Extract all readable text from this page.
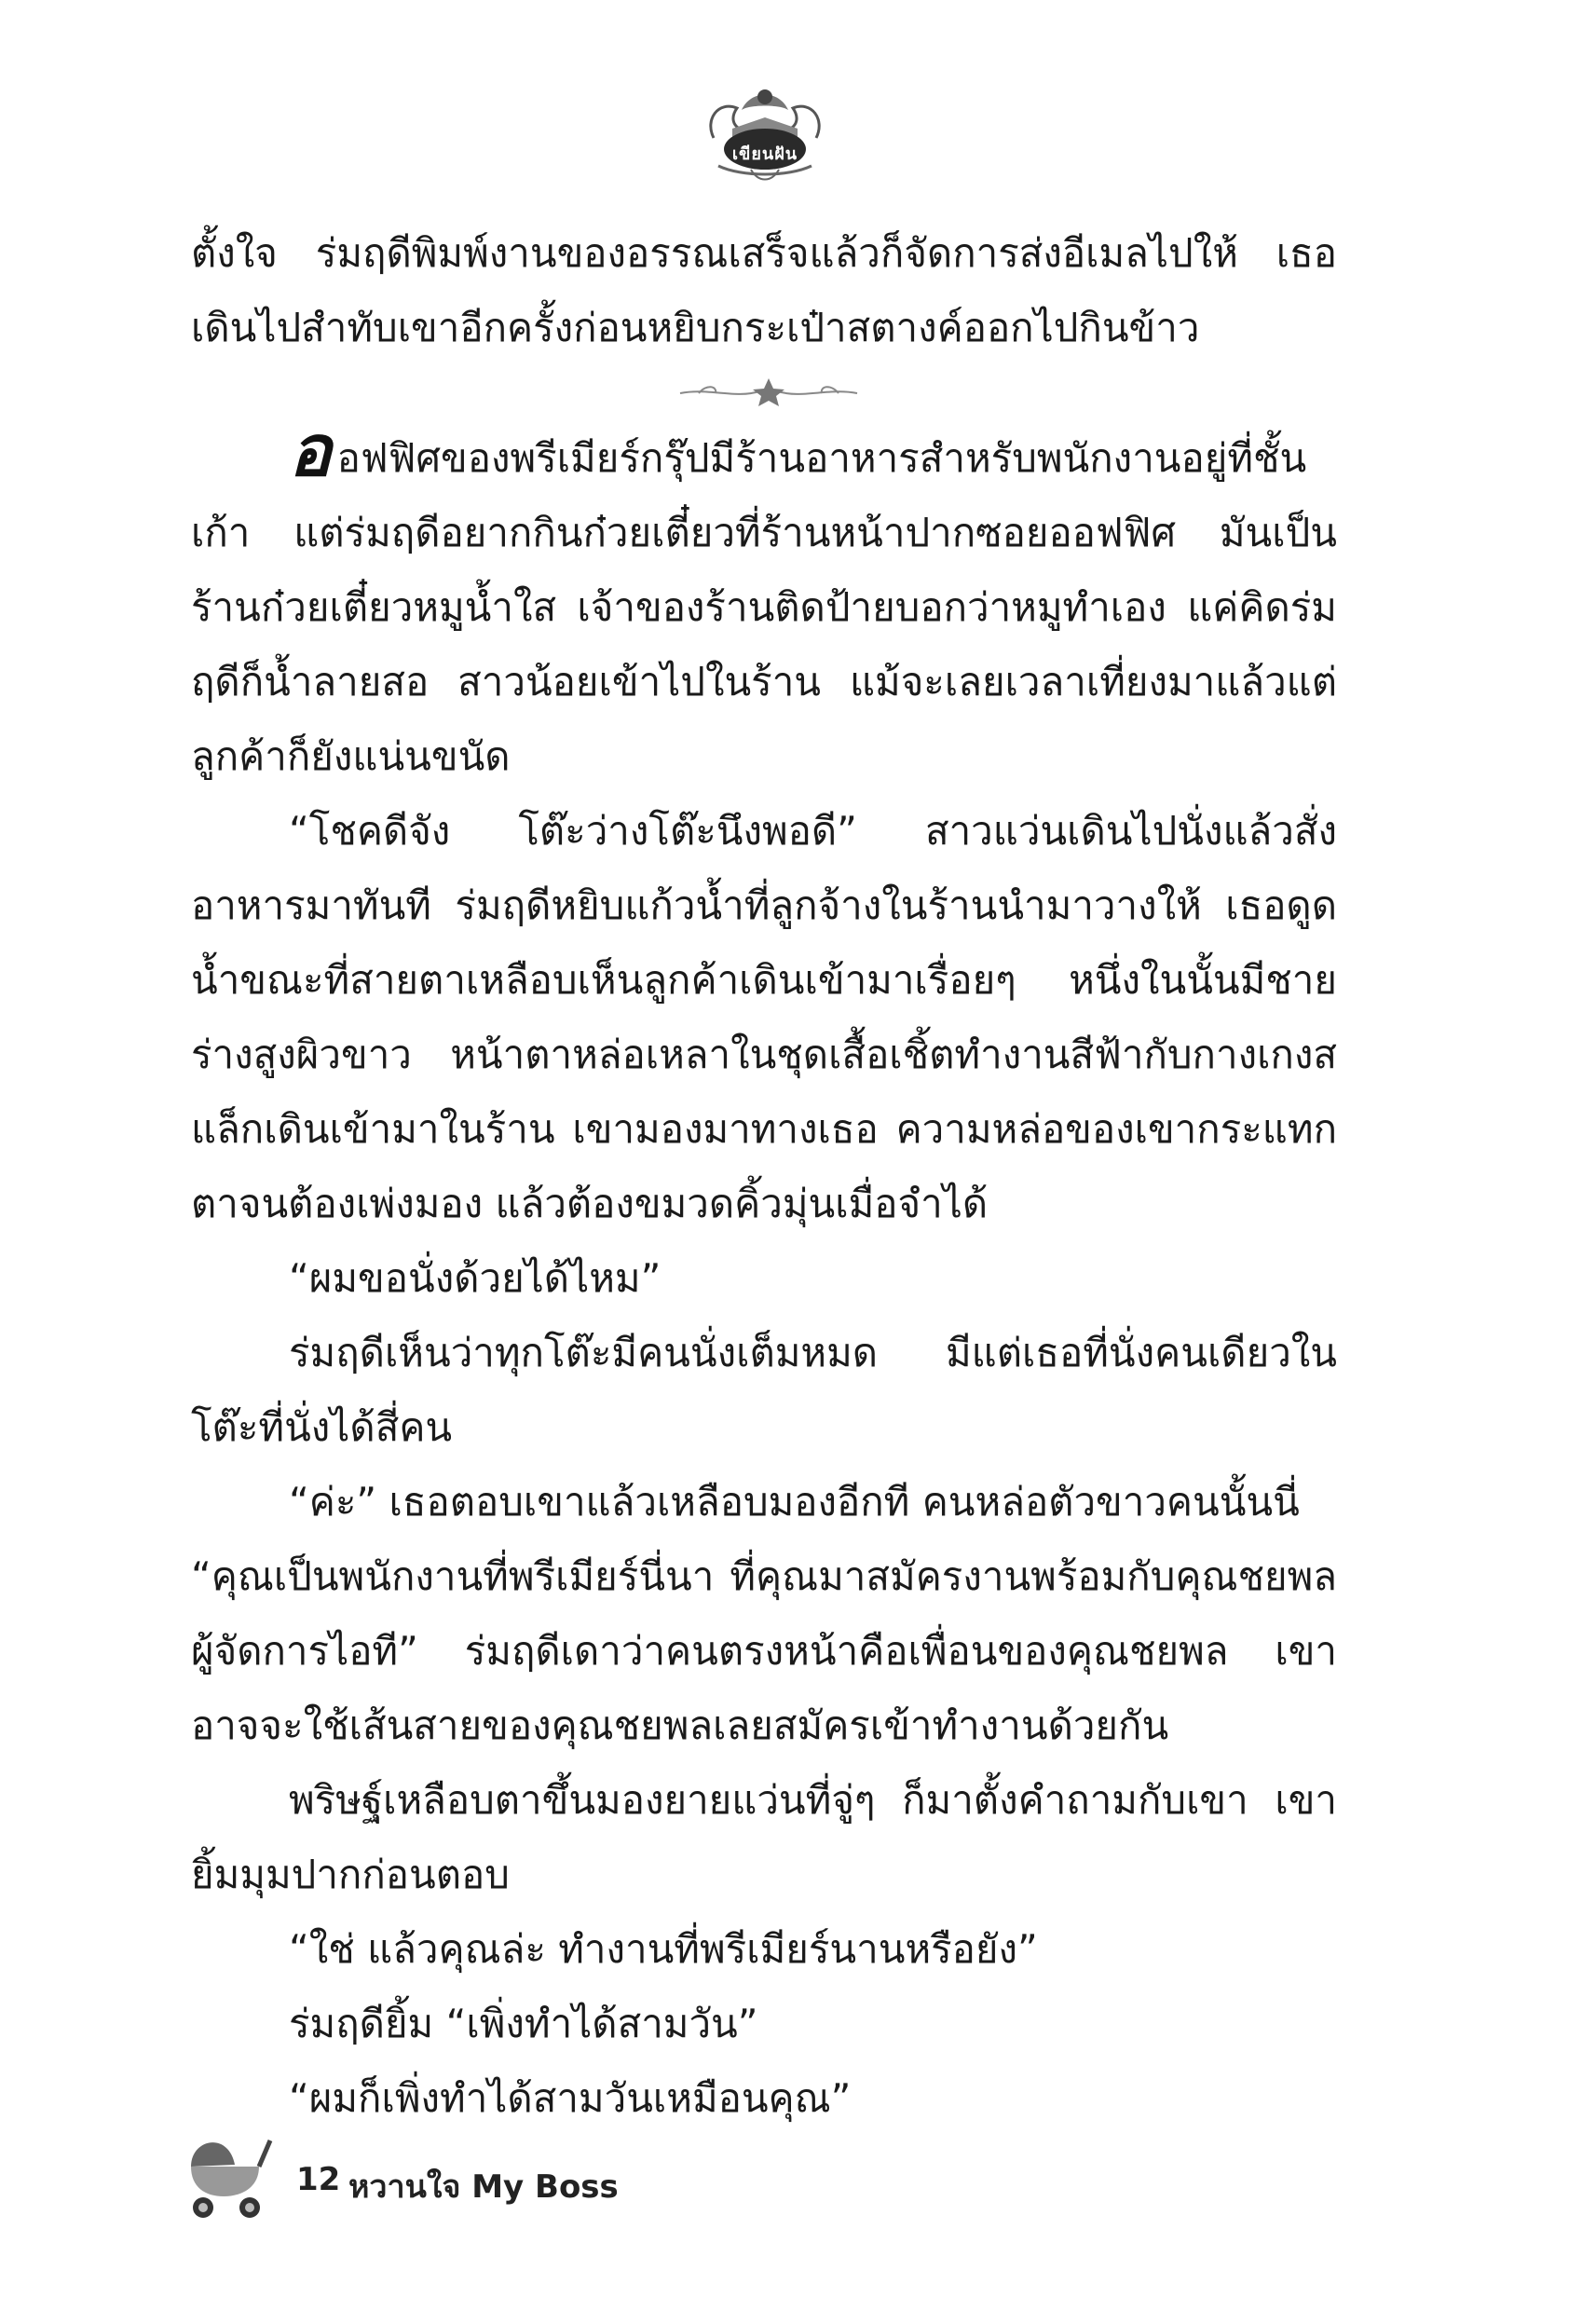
เขียนฝัน

ตั้งใจ ร่มฤดีพิมพ์งานของอรรณเสร็จแล้วก็จัดการส่งอีเมลไปให้ เธอเดินไปสำทับเขาอีกครั้งก่อนหยิบกระเป๋าสตางค์ออกไปกินข้าว

ออฟฟิศของพรีเมียร์กรุ๊ปมีร้านอาหารสำหรับพนักงานอยู่ที่ชั้นเก้า แต่ร่มฤดีอยากกินก๋วยเตี๋ยวที่ร้านหน้าปากซอยออฟฟิศ มันเป็นร้านก๋วยเตี๋ยวหมูน้ำใส เจ้าของร้านติดป้ายบอกว่าหมูทำเอง แค่คิดร่มฤดีก็น้ำลายสอ สาวน้อยเข้าไปในร้าน แม้จะเลยเวลาเที่ยงมาแล้วแต่ลูกค้าก็ยังแน่นขนัด

“โชคดีจัง โต๊ะว่างโต๊ะนึงพอดี” สาวแว่นเดินไปนั่งแล้วสั่งอาหารมาทันที ร่มฤดีหยิบแก้วน้ำที่ลูกจ้างในร้านนำมาวางให้ เธอดูดน้ำขณะที่สายตาเหลือบเห็นลูกค้าเดินเข้ามาเรื่อยๆ หนึ่งในนั้นมีชายร่างสูงผิวขาว หน้าตาหล่อเหลาในชุดเสื้อเชิ้ตทำงานสีฟ้ากับกางเกงสแล็กเดินเข้ามาในร้าน เขามองมาทางเธอ ความหล่อของเขากระแทกตาจนต้องเพ่งมอง แล้วต้องขมวดคิ้วมุ่นเมื่อจำได้

“ผมขอนั่งด้วยได้ไหม”

ร่มฤดีเห็นว่าทุกโต๊ะมีคนนั่งเต็มหมด มีแต่เธอที่นั่งคนเดียวในโต๊ะที่นั่งได้สี่คน

“ค่ะ” เธอตอบเขาแล้วเหลือบมองอีกที คนหล่อตัวขาวคนนั้นนี่

“คุณเป็นพนักงานที่พรีเมียร์นี่นา ที่คุณมาสมัครงานพร้อมกับคุณชยพลผู้จัดการไอที” ร่มฤดีเดาว่าคนตรงหน้าคือเพื่อนของคุณชยพล เขาอาจจะใช้เส้นสายของคุณชยพลเลยสมัครเข้าทำงานด้วยกัน

พริษฐ์เหลือบตาขึ้นมองยายแว่นที่จู่ๆ ก็มาตั้งคำถามกับเขา เขายิ้มมุมปากก่อนตอบ

“ใช่ แล้วคุณล่ะ ทำงานที่พรีเมียร์นานหรือยัง”

ร่มฤดียิ้ม “เพิ่งทำได้สามวัน”

“ผมก็เพิ่งทำได้สามวันเหมือนคุณ”

12 หวานใจ My Boss
